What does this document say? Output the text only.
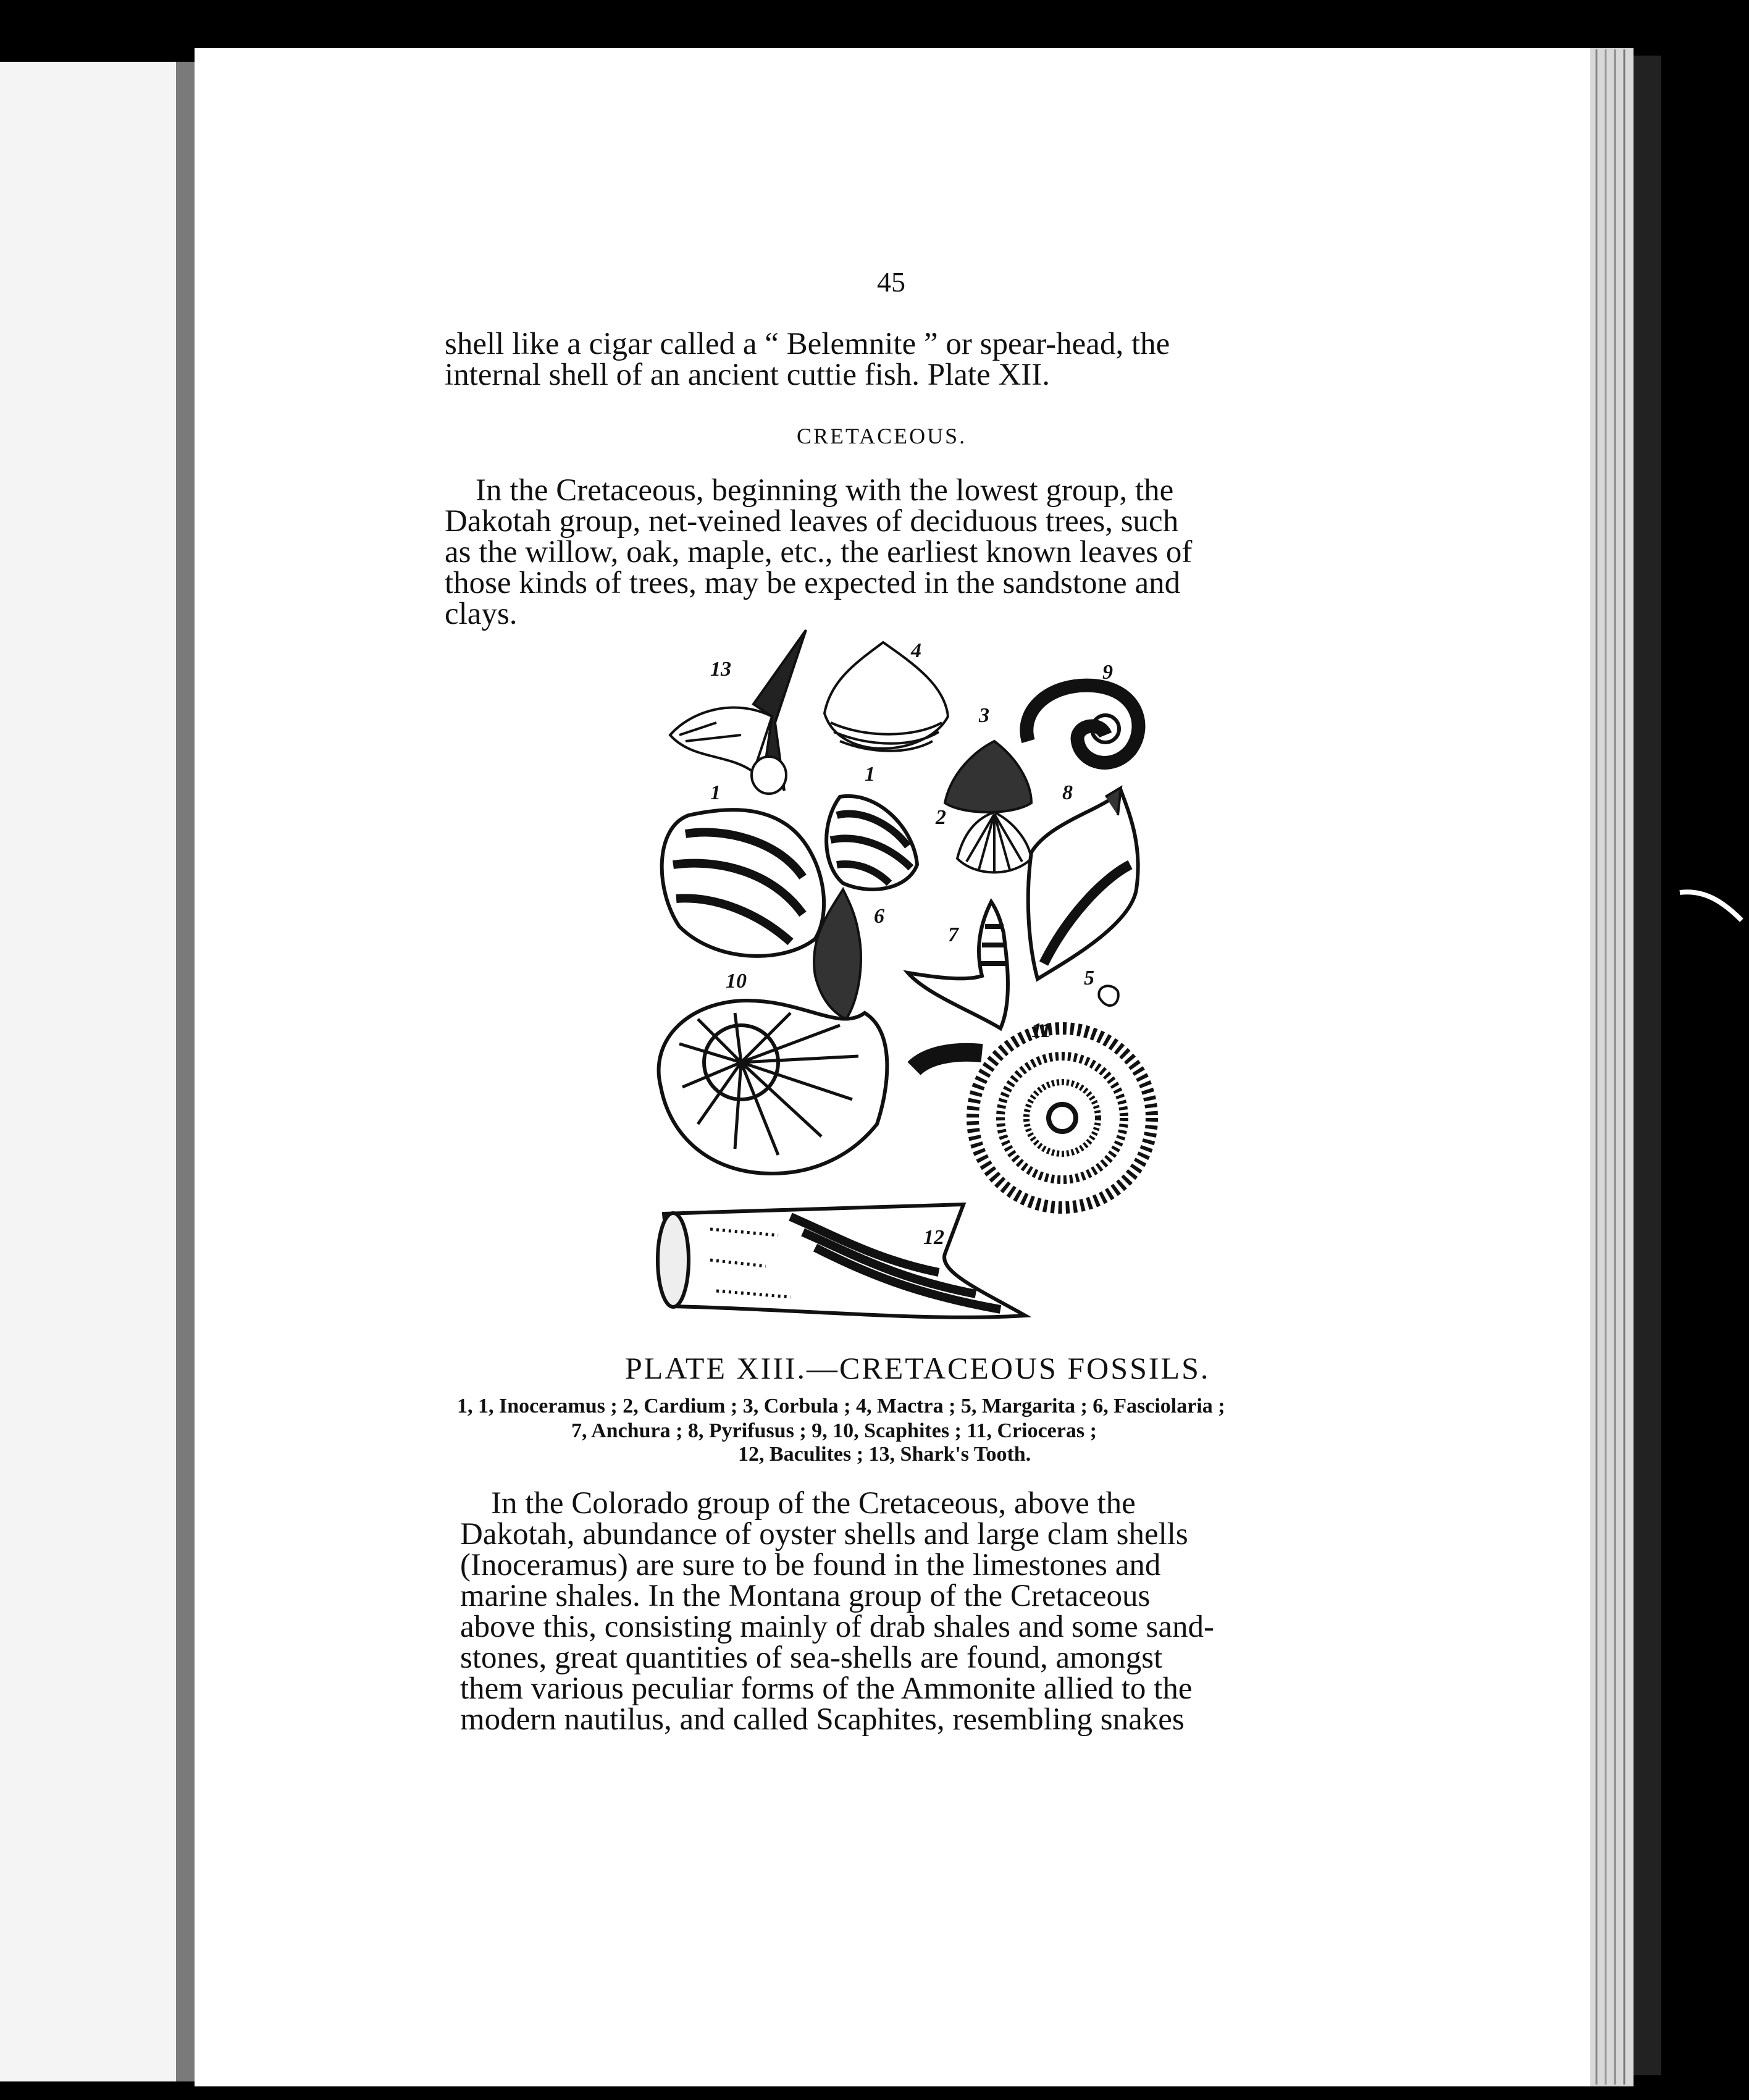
45
shell like a cigar called a “ Belemnite ” or spear-head, the
internal shell of an ancient cuttie fish. Plate XII.
CRETACEOUS.
In the Cretaceous, beginning with the lowest group, the
Dakotah group, net-veined leaves of deciduous trees, such
as the willow, oak, maple, etc., the earliest known leaves of
those kinds of trees, may be expected in the sandstone and
clays.
13
4
9
3
1
1
2
8
6
7
5
10
11
12
PLATE XIII.—CRETACEOUS FOSSILS.
1, 1, Inoceramus ; 2, Cardium ; 3, Corbula ; 4, Mactra ; 5, Margarita ; 6, Fasciolaria ;
7, Anchura ; 8, Pyrifusus ; 9, 10, Scaphites ; 11, Crioceras ;
12, Baculites ; 13, Shark's Tooth.
In the Colorado group of the Cretaceous, above the
Dakotah, abundance of oyster shells and large clam shells
(Inoceramus) are sure to be found in the limestones and
marine shales. In the Montana group of the Cretaceous
above this, consisting mainly of drab shales and some sand-
stones, great quantities of sea-shells are found, amongst
them various peculiar forms of the Ammonite allied to the
modern nautilus, and called Scaphites, resembling snakes
